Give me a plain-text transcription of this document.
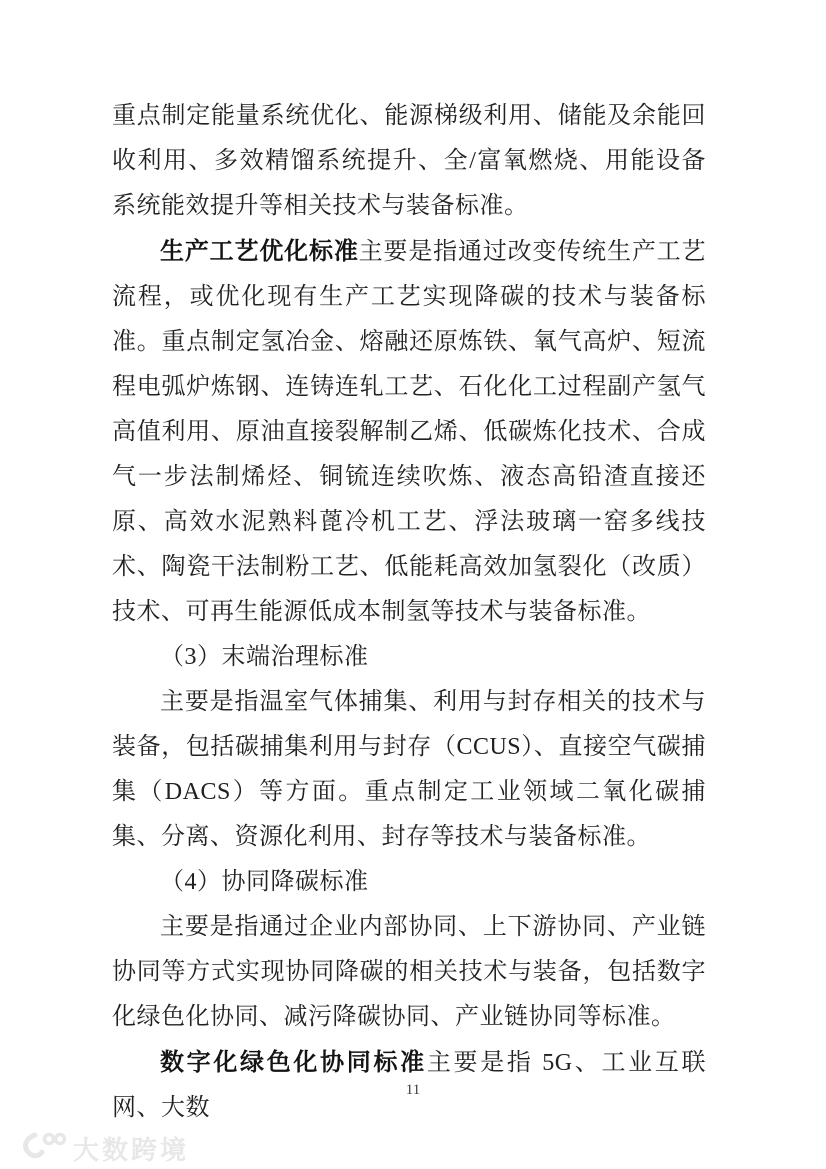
重点制定能量系统优化、能源梯级利用、储能及余能回收利用、多效精馏系统提升、全/富氧燃烧、用能设备系统能效提升等相关技术与装备标准。

生产工艺优化标准主要是指通过改变传统生产工艺流程，或优化现有生产工艺实现降碳的技术与装备标准。重点制定氢冶金、熔融还原炼铁、氧气高炉、短流程电弧炉炼钢、连铸连轧工艺、石化化工过程副产氢气高值利用、原油直接裂解制乙烯、低碳炼化技术、合成气一步法制烯烃、铜锍连续吹炼、液态高铅渣直接还原、高效水泥熟料蓖冷机工艺、浮法玻璃一窑多线技术、陶瓷干法制粉工艺、低能耗高效加氢裂化（改质）技术、可再生能源低成本制氢等技术与装备标准。

（3）末端治理标准

主要是指温室气体捕集、利用与封存相关的技术与装备，包括碳捕集利用与封存（CCUS）、直接空气碳捕集（DACS）等方面。重点制定工业领域二氧化碳捕集、分离、资源化利用、封存等技术与装备标准。

（4）协同降碳标准

主要是指通过企业内部协同、上下游协同、产业链协同等方式实现协同降碳的相关技术与装备，包括数字化绿色化协同、减污降碳协同、产业链协同等标准。

数字化绿色化协同标准主要是指 5G、工业互联网、大数

11
大数跨境
